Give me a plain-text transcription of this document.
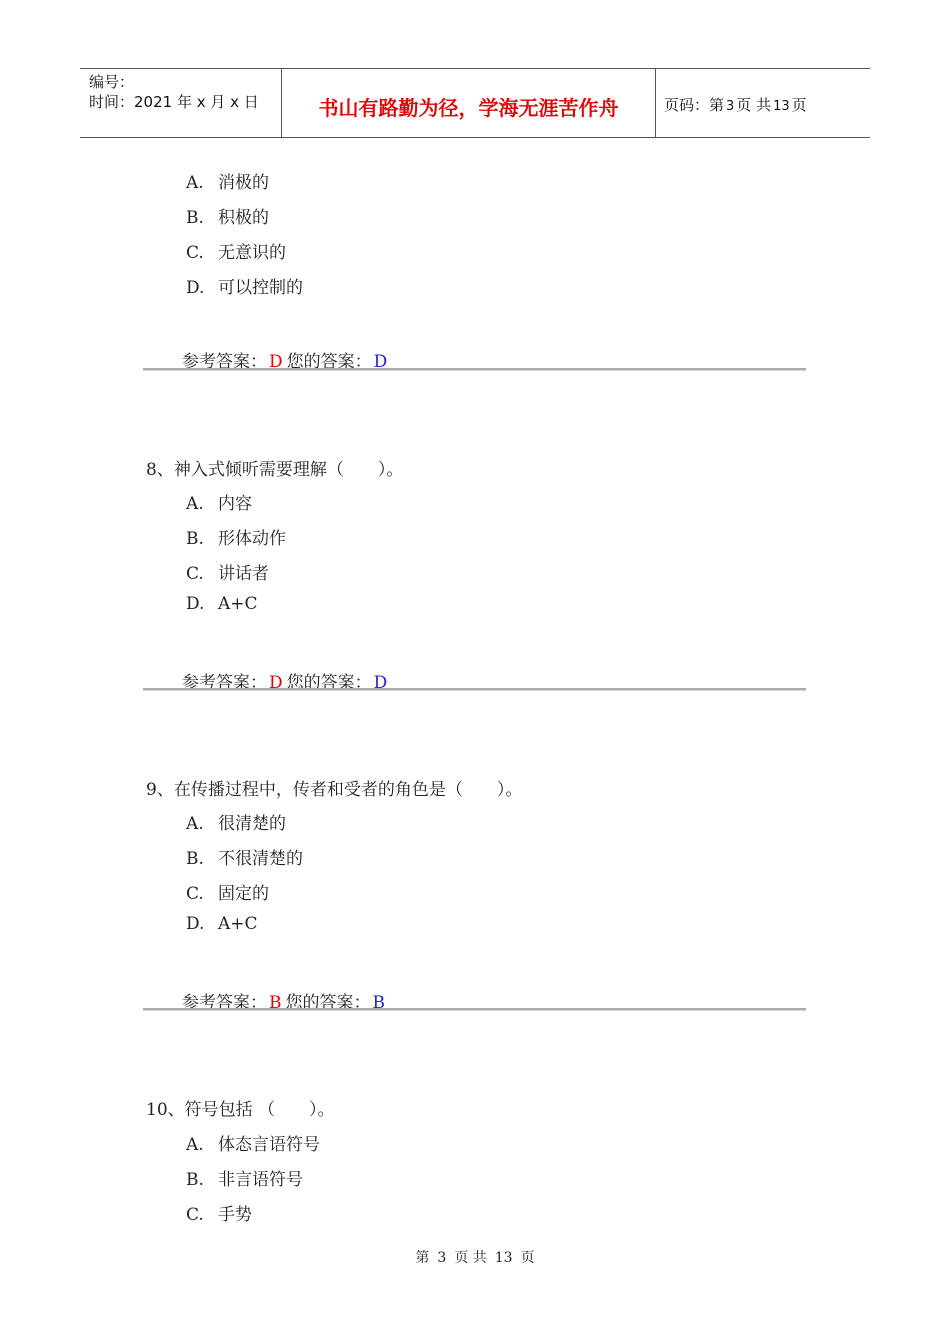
编号：
时间：2021 年 x 月 x 日	书山有路勤为径，学海无涯苦作舟	页码：第 3 页 共 13 页
A. 消极的
B. 积极的
C. 无意识的
D. 可以控制的
参考答案： D 您的答案： D
8、神入式倾听需要理解（　　）。
A. 内容
B. 形体动作
C. 讲话者
D. A+C
参考答案： D 您的答案： D
9、在传播过程中，传者和受者的角色是（　　）。
A. 很清楚的
B. 不很清楚的
C. 固定的
D. A+C
参考答案： B 您的答案： B
10、符号包括 （　　）。
A. 体态言语符号
B. 非言语符号
C. 手势
第 3 页 共 13 页
